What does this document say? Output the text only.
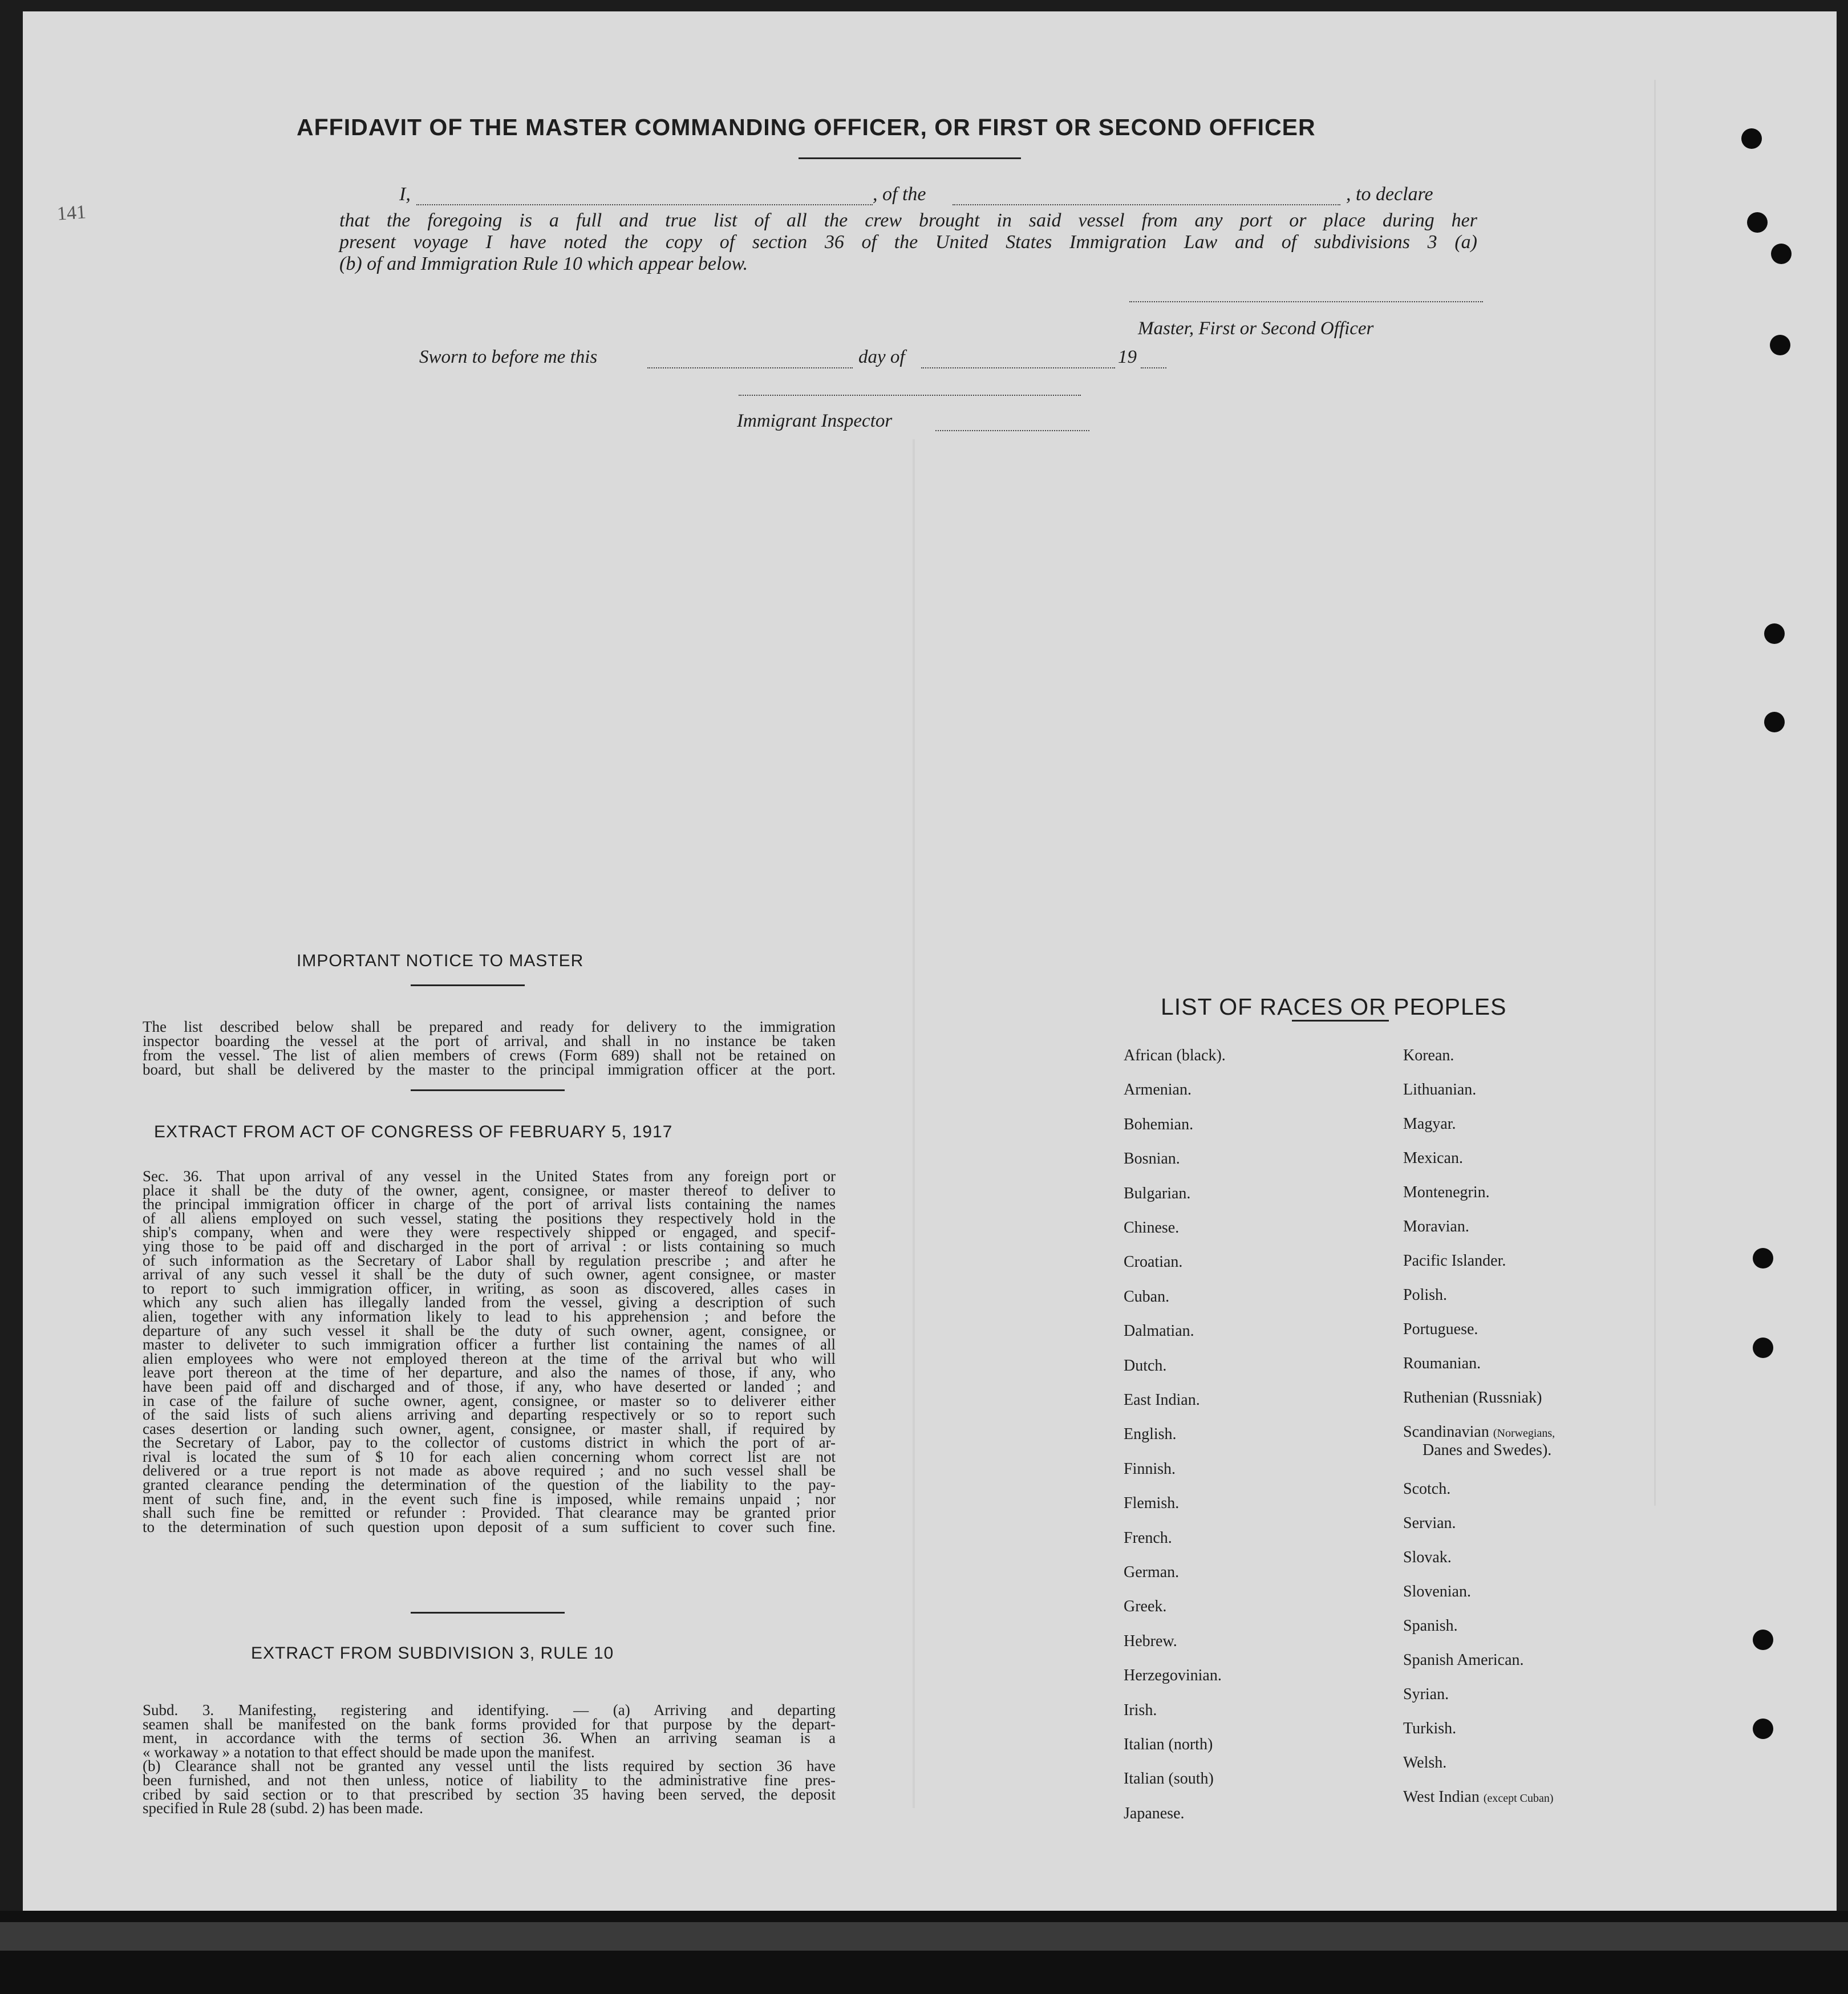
141
AFFIDAVIT OF THE MASTER COMMANDING OFFICER, OR FIRST OR SECOND OFFICER
I,	, of the	, to declare

that the foregoing is a full and true list of all the crew brought in said vessel from any port or place during her

present voyage I have noted the copy of section 36 of the United States Immigration Law and of subdivisions 3 (a)

(b) of and Immigration Rule 10 which appear below.

Master, First or Second Officer
Sworn to before me this	day of	19
Immigrant Inspector
IMPORTANT NOTICE TO MASTER

The list described below shall be prepared and ready for delivery to the immigration

inspector boarding the vessel at the port of arrival, and shall in no instance be taken

from the vessel. The list of alien members of crews (Form 689) shall not be retained on

board, but shall be delivered by the master to the principal immigration officer at the port.

EXTRACT FROM ACT OF CONGRESS OF FEBRUARY 5, 1917

Sec. 36. That upon arrival of any vessel in the United States from any foreign port or

place it shall be the duty of the owner, agent, consignee, or master thereof to deliver to

the principal immigration officer in charge of the port of arrival lists containing the names

of all aliens employed on such vessel, stating the positions they respectively hold in the

ship's company, when and were they were respectively shipped or engaged, and specif-

ying those to be paid off and discharged in the port of arrival : or lists containing so much

of such information as the Secretary of Labor shall by regulation prescribe ; and after he

arrival of any such vessel it shall be the duty of such owner, agent consignee, or master

to report to such immigration officer, in writing, as soon as discovered, alles cases in

which any such alien has illegally landed from the vessel, giving a description of such

alien, together with any information likely to lead to his apprehension ; and before the

departure of any such vessel it shall be the duty of such owner, agent, consignee, or

master to deliveter to such immigration officer a further list containing the names of all

alien employees who were not employed thereon at the time of the arrival but who will

leave port thereon at the time of her departure, and also the names of those, if any, who

have been paid off and discharged and of those, if any, who have deserted or landed ; and

in case of the failure of suche owner, agent, consignee, or master so to deliverer either

of the said lists of such aliens arriving and departing respectively or so to report such

cases desertion or landing such owner, agent, consignee, or master shall, if required by

the Secretary of Labor, pay to the collector of customs district in which the port of ar-

rival is located the sum of $ 10 for each alien concerning whom correct list are not

delivered or a true report is not made as above required ; and no such vessel shall be

granted clearance pending the determination of the question of the liability to the pay-

ment of such fine, and, in the event such fine is imposed, while remains unpaid ; nor

shall such fine be remitted or refunder : Provided. That clearance may be granted prior

to the determination of such question upon deposit of a sum sufficient to cover such fine.

EXTRACT FROM SUBDIVISION 3, RULE 10

Subd. 3. Manifesting, registering and identifying. — (a) Arriving and departing

seamen shall be manifested on the bank forms provided for that purpose by the depart-

ment, in accordance with the terms of section 36. When an arriving seaman is a

« workaway » a notation to that effect should be made upon the manifest.

(b) Clearance shall not be granted any vessel until the lists required by section 36 have

been furnished, and not then unless, notice of liability to the administrative fine pres-

cribed by said section or to that prescribed by section 35 having been served, the deposit

specified in Rule 28 (subd. 2) has been made.

LIST OF RACES OR PEOPLES
African (black).
Armenian.
Bohemian.
Bosnian.
Bulgarian.
Chinese.
Croatian.
Cuban.
Dalmatian.
Dutch.
East Indian.
English.
Finnish.
Flemish.
French.
German.
Greek.
Hebrew.
Herzegovinian.
Irish.
Italian (north)
Italian (south)
Japanese.
Korean.
Lithuanian.
Magyar.
Mexican.
Montenegrin.
Moravian.
Pacific Islander.
Polish.
Portuguese.
Roumanian.
Ruthenian (Russniak)
Scandinavian (Norwegians,
Danes and Swedes).
Scotch.
Servian.
Slovak.
Slovenian.
Spanish.
Spanish American.
Syrian.
Turkish.
Welsh.
West Indian (except Cuban)
